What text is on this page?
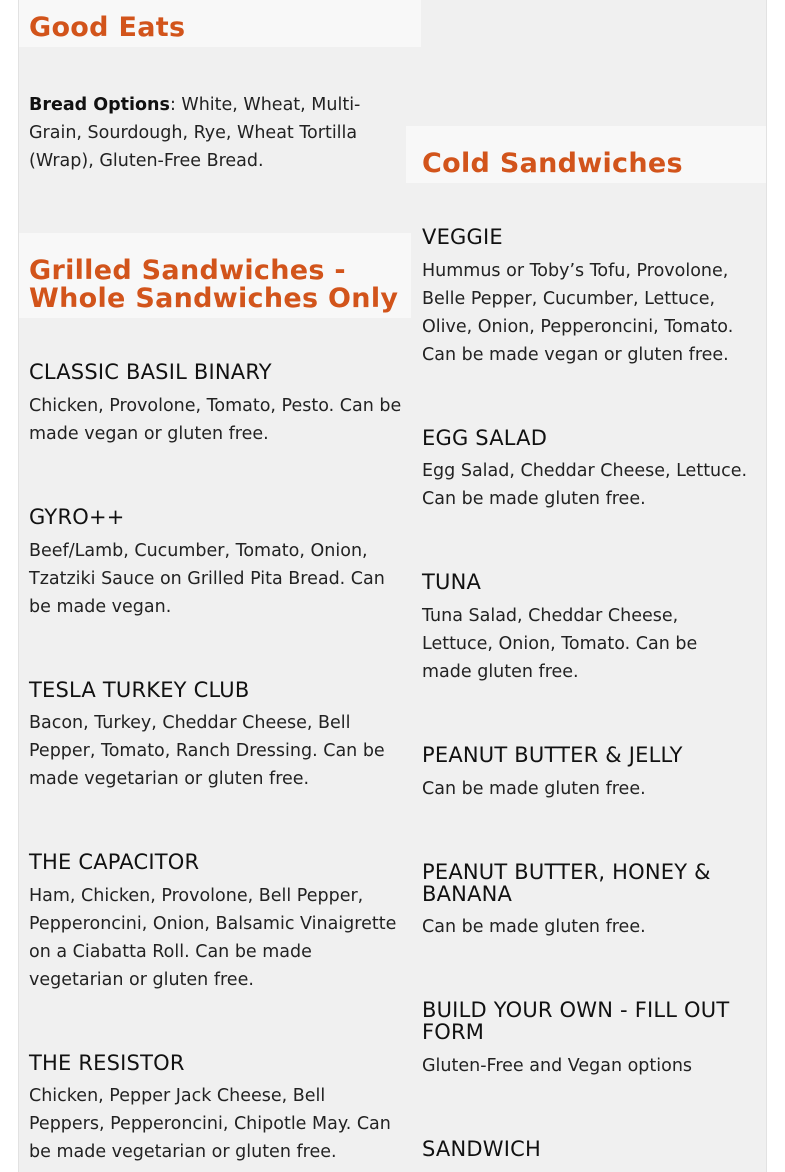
Good Eats

Bread Options: White, Wheat, Multi-Grain, Sourdough, Rye, Wheat Tortilla (Wrap), Gluten-Free Bread.

Grilled Sandwiches - Whole Sandwiches Only
CLASSIC BASIL BINARY

Chicken, Provolone, Tomato, Pesto. Can be made vegan or gluten free.

GYRO++

Beef/Lamb, Cucumber, Tomato, Onion, Tzatziki Sauce on Grilled Pita Bread. Can be made vegan.

TESLA TURKEY CLUB

Bacon, Turkey, Cheddar Cheese, Bell Pepper, Tomato, Ranch Dressing. Can be made vegetarian or gluten free.

THE CAPACITOR

Ham, Chicken, Provolone, Bell Pepper, Pepperoncini, Onion, Balsamic Vinaigrette on a Ciabatta Roll. Can be made vegetarian or gluten free.

THE RESISTOR

Chicken, Pepper Jack Cheese, Bell Peppers, Pepperoncini, Chipotle May. Can be made vegetarian or gluten free.

Cold Sandwiches
VEGGIE

Hummus or Toby’s Tofu, Provolone, Belle Pepper, Cucumber, Lettuce, Olive, Onion, Pepperoncini, Tomato. Can be made vegan or gluten free.

EGG SALAD

Egg Salad, Cheddar Cheese, Lettuce. Can be made gluten free.

TUNA

Tuna Salad, Cheddar Cheese, Lettuce, Onion, Tomato. Can be made gluten free.

PEANUT BUTTER & JELLY

Can be made gluten free.

PEANUT BUTTER, HONEY & BANANA

Can be made gluten free.

BUILD YOUR OWN - FILL OUT FORM

Gluten-Free and Vegan options

SANDWICH
